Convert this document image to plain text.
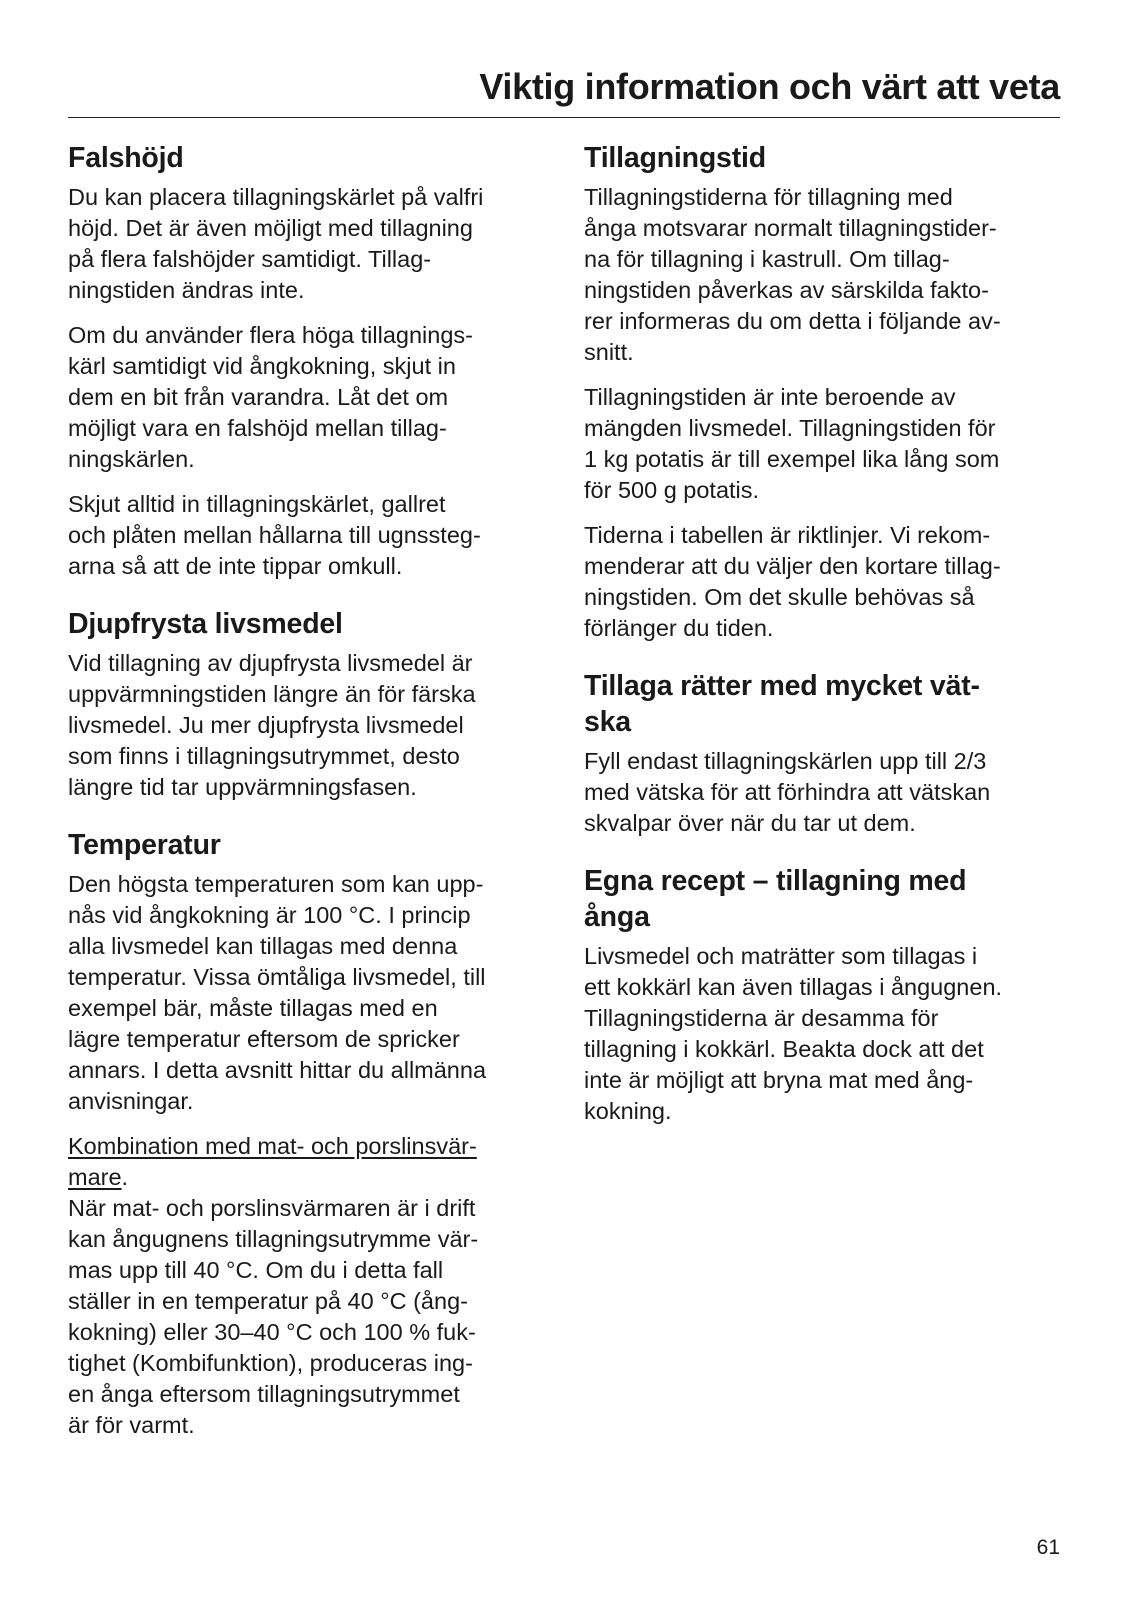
Viktig information och värt att veta
Falshöjd

Du kan placera tillagningskärlet på valfri
höjd. Det är även möjligt med tillagning
på flera falshöjder samtidigt. Tillag-
ningstiden ändras inte.

Om du använder flera höga tillagnings-
kärl samtidigt vid ångkokning, skjut in
dem en bit från varandra. Låt det om
möjligt vara en falshöjd mellan tillag-
ningskärlen.

Skjut alltid in tillagningskärlet, gallret
och plåten mellan hållarna till ugnssteg-
arna så att de inte tippar omkull.

Djupfrysta livsmedel

Vid tillagning av djupfrysta livsmedel är
uppvärmningstiden längre än för färska
livsmedel. Ju mer djupfrysta livsmedel
som finns i tillagningsutrymmet, desto
längre tid tar uppvärmningsfasen.

Temperatur

Den högsta temperaturen som kan upp-
nås vid ångkokning är 100 °C. I princip
alla livsmedel kan tillagas med denna
temperatur. Vissa ömtåliga livsmedel, till
exempel bär, måste tillagas med en
lägre temperatur eftersom de spricker
annars. I detta avsnitt hittar du allmänna
anvisningar.

Kombination med mat- och porslinsvär-
mare.

När mat- och porslinsvärmaren är i drift
kan ångugnens tillagningsutrymme vär-
mas upp till 40 °C. Om du i detta fall
ställer in en temperatur på 40 °C (ång-
kokning) eller 30–40 °C och 100 % fuk-
tighet (Kombifunktion), produceras ing-
en ånga eftersom tillagningsutrymmet
är för varmt.

Tillagningstid

Tillagningstiderna för tillagning med
ånga motsvarar normalt tillagningstider-
na för tillagning i kastrull. Om tillag-
ningstiden påverkas av särskilda fakto-
rer informeras du om detta i följande av-
snitt.

Tillagningstiden är inte beroende av
mängden livsmedel. Tillagningstiden för
1 kg potatis är till exempel lika lång som
för 500 g potatis.

Tiderna i tabellen är riktlinjer. Vi rekom-
menderar att du väljer den kortare tillag-
ningstiden. Om det skulle behövas så
förlänger du tiden.

Tillaga rätter med mycket vät-
ska

Fyll endast tillagningskärlen upp till 2/3
med vätska för att förhindra att vätskan
skvalpar över när du tar ut dem.

Egna recept – tillagning med
ånga

Livsmedel och maträtter som tillagas i
ett kokkärl kan även tillagas i ångugnen.
Tillagningstiderna är desamma för
tillagning i kokkärl. Beakta dock att det
inte är möjligt att bryna mat med ång-
kokning.

61
